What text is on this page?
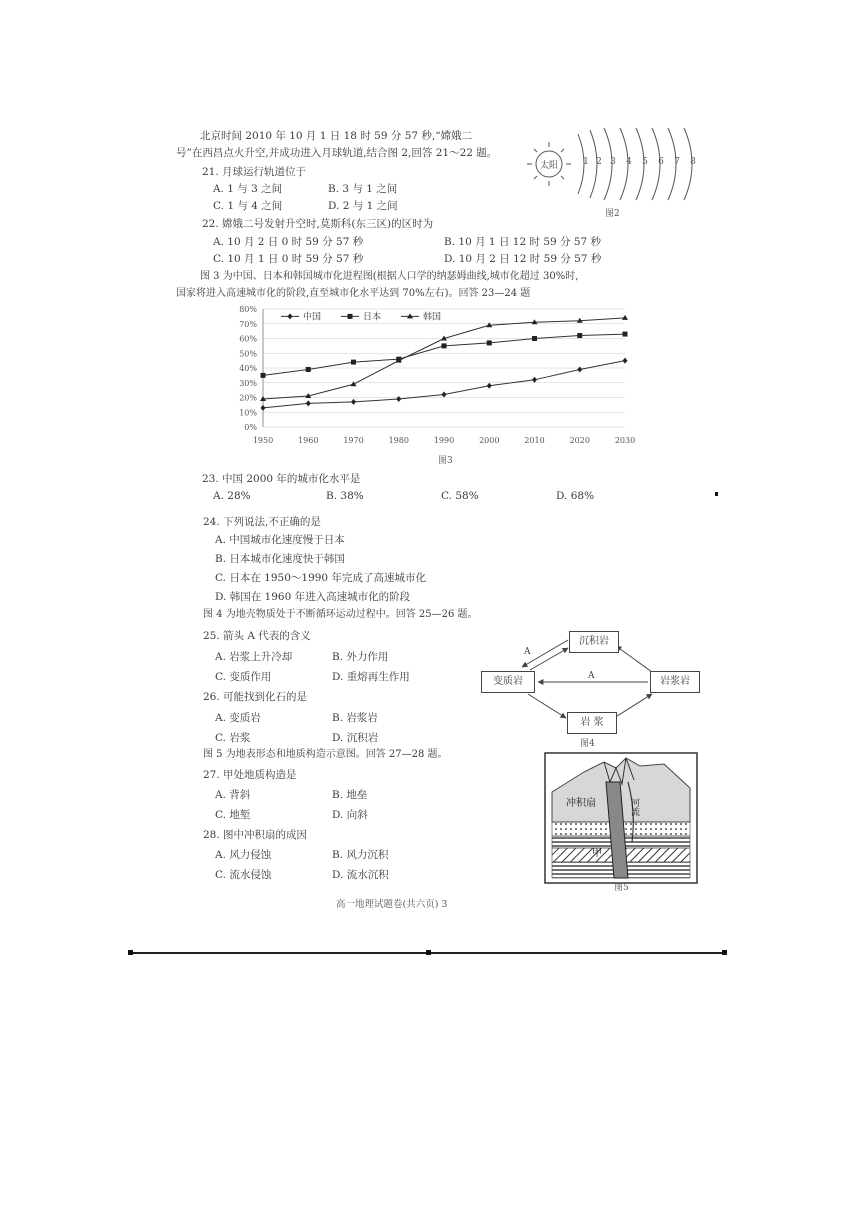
北京时间 2010 年 10 月 1 日 18 时 59 分 57 秒,“嫦娥二
号”在西昌点火升空,并成功进入月球轨道,结合图 2,回答 21～22 题。
太阳	1 2 3 4 5 6 7 8
图2
21. 月球运行轨道位于
A. 1 与 3 之间	B. 3 与 1 之间
C. 1 与 4 之间	D. 2 与 1 之间
22. 嫦娥二号发射升空时,莫斯科(东三区)的区时为
A. 10 月 2 日 0 时 59 分 57 秒	B. 10 月 1 日 12 时 59 分 57 秒
C. 10 月 1 日 0 时 59 分 57 秒	D. 10 月 2 日 12 时 59 分 57 秒
图 3 为中国、日本和韩国城市化进程图(根据人口学的纳瑟姆曲线,城市化超过 30%时,
国家将进入高速城市化的阶段,直至城市化水平达到 70%左右)。回答 23—24 题
0%
10%
20%
30%
40%
50%
60%
70%
80%
1950	1960	1970	1980	1990	2000	2010	2020	2030
中国	日本	韩国
图3
23. 中国 2000 年的城市化水平是
A. 28%	B. 38%	C. 58%	D. 68%
24. 下列说法,不正确的是
A. 中国城市化速度慢于日本
B. 日本城市化速度快于韩国
C. 日本在 1950～1990 年完成了高速城市化
D. 韩国在 1960 年进入高速城市化的阶段
图 4 为地壳物质处于不断循环运动过程中。回答 25—26 题。
25. 箭头 A 代表的含义
A. 岩浆上升冷却	B. 外力作用
C. 变质作用	D. 重熔再生作用
A
A
图4
沉积岩
变质岩	岩浆岩
岩 浆
26. 可能找到化石的是
A. 变质岩	B. 岩浆岩
C. 岩浆	D. 沉积岩
图 5 为地表形态和地质构造示意图。回答 27—28 题。
27. 甲处地质构造是
A. 背斜	B. 地垒
C. 地堑	D. 向斜
28. 图中冲积扇的成因
A. 风力侵蚀	B. 风力沉积
C. 流水侵蚀	D. 流水沉积
冲积扇	河流
甲
图5
高一地理试题卷(共六页) 3
